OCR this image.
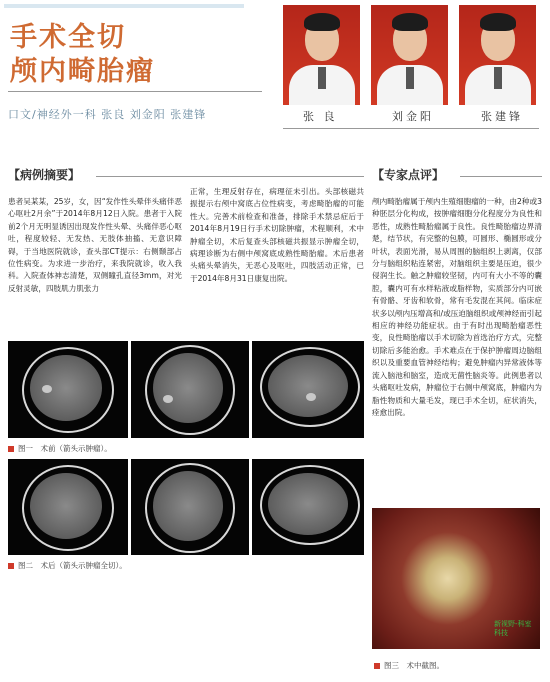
手术全切
颅内畸胎瘤
口文/神经外一科 张良 刘金阳 张建锋	张 良	刘金阳	张建锋
【病例摘要】	【专家点评】
患者吴某某，25岁，女，因“发作性头晕伴头痛伴恶心呕吐2月余”于2014年8月12日入院。患者于入院前2个月无明显诱因出现发作性头晕、头痛伴恶心呕吐，程度较轻、无发热、无肢体抽搐、无意识障碍，于当地医院就诊，查头部CT提示：右侧颞部占位性病变。为求进一步治疗，来我院就诊，收入我科。入院查体神志清楚，双侧瞳孔直径3mm，对光反射灵敏，四肢肌力肌张力
正常，生理反射存在，病理征未引出。头部核磁共振提示右颅中窝底占位性病变，考虑畸胎瘤的可能性大。完善术前检查和准备，排除手术禁忌症后于2014年8月19日行手术切除肿瘤，术程顺利，术中肿瘤全切，术后复查头部核磁共振显示肿瘤全切，病理诊断为右侧中颅窝底成熟性畸胎瘤。术后患者头痛头晕消失，无恶心及呕吐，四肢活动正常，已于2014年8月31日康复出院。
图一　术前（箭头示肿瘤）。
图二　术后（箭头示肿瘤全切）。
颅内畸胎瘤属于颅内生殖细胞瘤的一种，由2种或3种胚层分化构成，按肿瘤细胞分化程度分为良性和恶性，成熟性畸胎瘤属于良性。良性畸胎瘤边界清楚，结节状，有完整的包膜，可圆形、椭圆形或分叶状，表面光滑，易从周围的脑组织上剥离，仅部分与脑组织粘连紧密，对脑组织主要是压迫，很少侵润生长。触之肿瘤较坚韧，内可有大小不等的囊腔，囊内可有水样粘液或脂样物，实质部分内可嵌有骨骼、牙齿和软骨，常有毛发混在其间。临床症状多以颅内压增高和/或压迫脑组织或颅神经而引起相应的神经功能症状。由于有时出现畸胎瘤恶性变，良性畸胎瘤以手术切除为首选治疗方式，完整切除后多能治愈。手术难点在于保护肿瘤周边脑组织以及重要血管神经结构；避免肿瘤内异常液体等流入脑池和脑室，造成无菌性脑炎等。此例患者以头痛呕吐发病，肿瘤位于右侧中颅窝底，肿瘤内为脂性物质和大量毛发，现已手术全切，症状消失，痊愈出院。
新视野-科室科技
图三　术中截图。
